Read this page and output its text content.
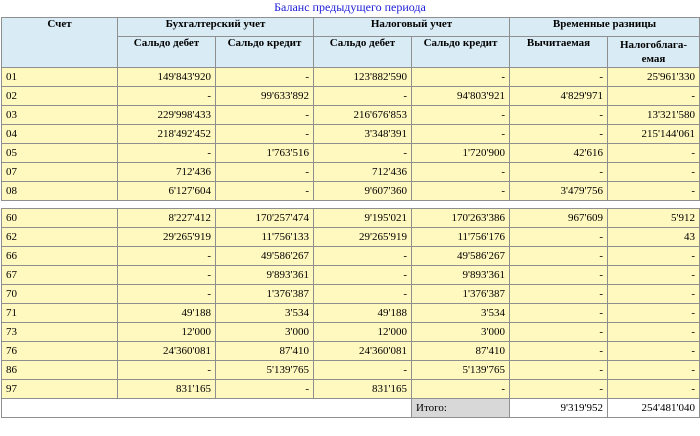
Баланс предыдущего периода
Счет	Бухгалтерский учет		Налоговый учет		Временные разницы	
	Сальдо дебет	Сальдо кредит	Сальдо дебет	Сальдо кредит	Вычитаемая	Налогоблага-емая
01	149'843'920	-	123'882'590	-	-	25'961'330
02	-	99'633'892	-	94'803'921	4'829'971	-
03	229'998'433	-	216'676'853	-	-	13'321'580
04	218'492'452	-	3'348'391	-	-	215'144'061
05	-	1'763'516	-	1'720'900	42'616	-
07	712'436	-	712'436	-	-	-
08	6'127'604	-	9'607'360	-	3'479'756	-

60	8'227'412	170'257'474	9'195'021	170'263'386	967'609	5'912
62	29'265'919	11'756'133	29'265'919	11'756'176	-	43
66	-	49'586'267	-	49'586'267	-	-
67	-	9'893'361	-	9'893'361	-	-
70	-	1'376'387	-	1'376'387	-	-
71	49'188	3'534	49'188	3'534	-	-
73	12'000	3'000	12'000	3'000	-	-
76	24'360'081	87'410	24'360'081	87'410	-	-
86	-	5'139'765	-	5'139'765	-	-
97	831'165	-	831'165	-	-	-
				Итого:	9'319'952	254'481'040
